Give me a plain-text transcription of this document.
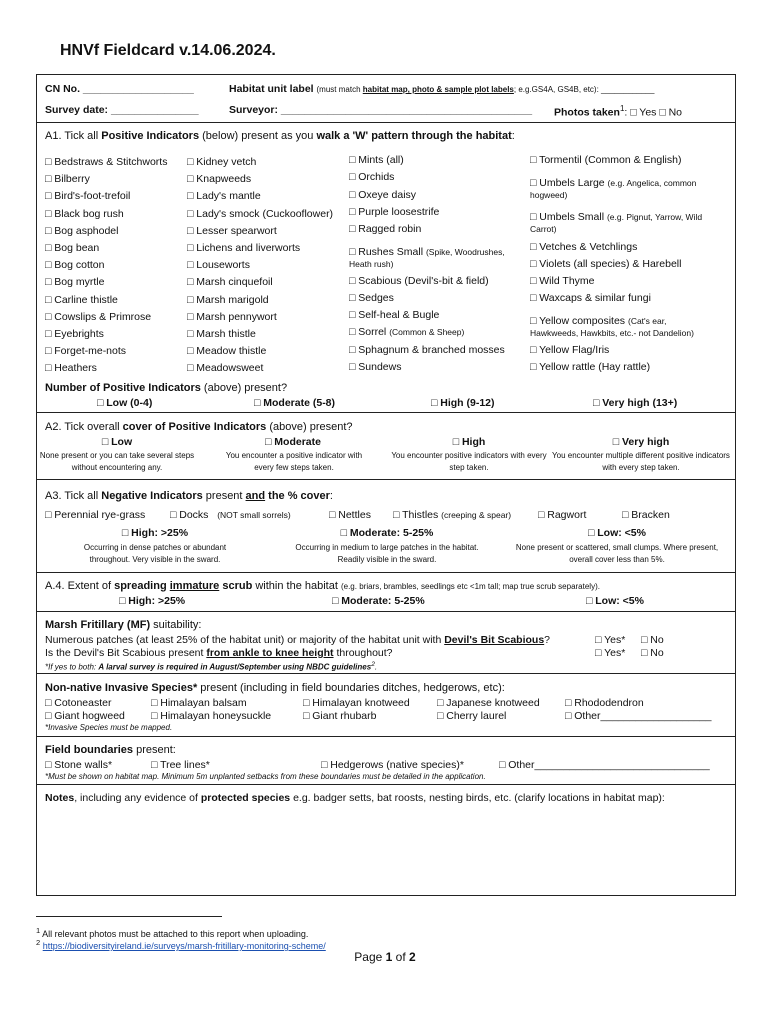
HNVf Fieldcard v.14.06.2024.
CN No. ___________________	Habitat unit label (must match habitat map, photo & sample plot labels; e.g.GS4A, GS4B, etc): ____________
Survey date: _______________	Surveyor: ___________________________________________ Photos taken$^1$: □ Yes □ No
A1. Tick all Positive Indicators (below) present as you walk a 'W' pattern through the habitat:
□ Bedstraws & Stitchworts
□ Bilberry
□ Bird's-foot-trefoil
□ Black bog rush
□ Bog asphodel
□ Bog bean
□ Bog cotton
□ Bog myrtle
□ Carline thistle
□ Cowslips & Primrose
□ Eyebrights
□ Forget-me-nots
□ Heathers
□ Kidney vetch
□ Knapweeds
□ Lady's mantle
□ Lady's smock (Cuckooflower)
□ Lesser spearwort
□ Lichens and liverworts
□ Louseworts
□ Marsh cinquefoil
□ Marsh marigold
□ Marsh pennywort
□ Marsh thistle
□ Meadow thistle
□ Meadowsweet
□ Mints (all)
□ Orchids
□ Oxeye daisy
□ Purple loosestrife
□ Ragged robin
□ Rushes Small (Spike, Woodrushes,
Heath rush)
□ Scabious (Devil's-bit & field)
□ Sedges
□ Self-heal & Bugle
□ Sorrel (Common & Sheep)
□ Sphagnum & branched mosses
□ Sundews
□ Tormentil (Common & English)
□ Umbels Large (e.g. Angelica, common
hogweed)
□ Umbels Small (e.g. Pignut, Yarrow, Wild
Carrot)
□ Vetches & Vetchlings
□ Violets (all species) & Harebell
□ Wild Thyme
□ Waxcaps & similar fungi
□ Yellow composites (Cat's ear,
Hawkweeds, Hawkbits, etc.- not Dandelion)
□ Yellow Flag/Iris
□ Yellow rattle (Hay rattle)
Number of Positive Indicators (above) present?
□ Low (0-4)	□ Moderate (5-8)	□ High (9-12)	□ Very high (13+)
A2. Tick overall cover of Positive Indicators (above) present?
□ Low
None present or you can take several steps without encountering any.
□ Moderate
You encounter a positive indicator with every few steps taken.
□ High
You encounter positive indicators with every step taken.
□ Very high
You encounter multiple different positive indicators with every step taken.
A3. Tick all Negative Indicators present and the % cover:
□ Perennial rye-grass □ Docks (NOT small sorrels)	□ Nettles □ Thistles (creeping & spear)	□ Ragwort	□ Bracken
□ High: >25%
Occurring in dense patches or abundant throughout. Very visible in the sward.
□ Moderate: 5-25%
Occurring in medium to large patches in the habitat. Readily visible in the sward.
□ Low: <5%
None present or scattered, small clumps. Where present, overall cover less than 5%.
A.4. Extent of spreading immature scrub within the habitat (e.g. briars, brambles, seedlings etc <1m tall; map true scrub separately).
□ High: >25%	□ Moderate: 5-25%	□ Low: <5%
Marsh Fritillary (MF) suitability:
Numerous patches (at least 25% of the habitat unit) or majority of the habitat unit with Devil's Bit Scabious?	□ Yes* □ No
Is the Devil's Bit Scabious present from ankle to knee height throughout?	□ Yes* □ No
*If yes to both: A larval survey is required in August/September using NBDC guidelines$^2$.
Non-native Invasive Species* present (including in field boundaries ditches, hedgerows, etc):
□ Cotoneaster	□ Himalayan balsam	□ Himalayan knotweed	□ Japanese knotweed □ Rhododendron
□ Giant hogweed □ Himalayan honeysuckle	□ Giant rhubarb	□ Cherry laurel	□ Other___________________
*Invasive Species must be mapped.
Field boundaries present:
□ Stone walls*	□ Tree lines*	□ Hedgerows (native species)*	□ Other______________________________
*Must be shown on habitat map. Minimum 5m unplanted setbacks from these boundaries must be detailed in the application.
Notes, including any evidence of protected species e.g. badger setts, bat roosts, nesting birds, etc. (clarify locations in habitat map):
$^1$ All relevant photos must be attached to this report when uploading.
$^2$ https://biodiversityireland.ie/surveys/marsh-fritillary-monitoring-scheme/
Page 1 of 2
